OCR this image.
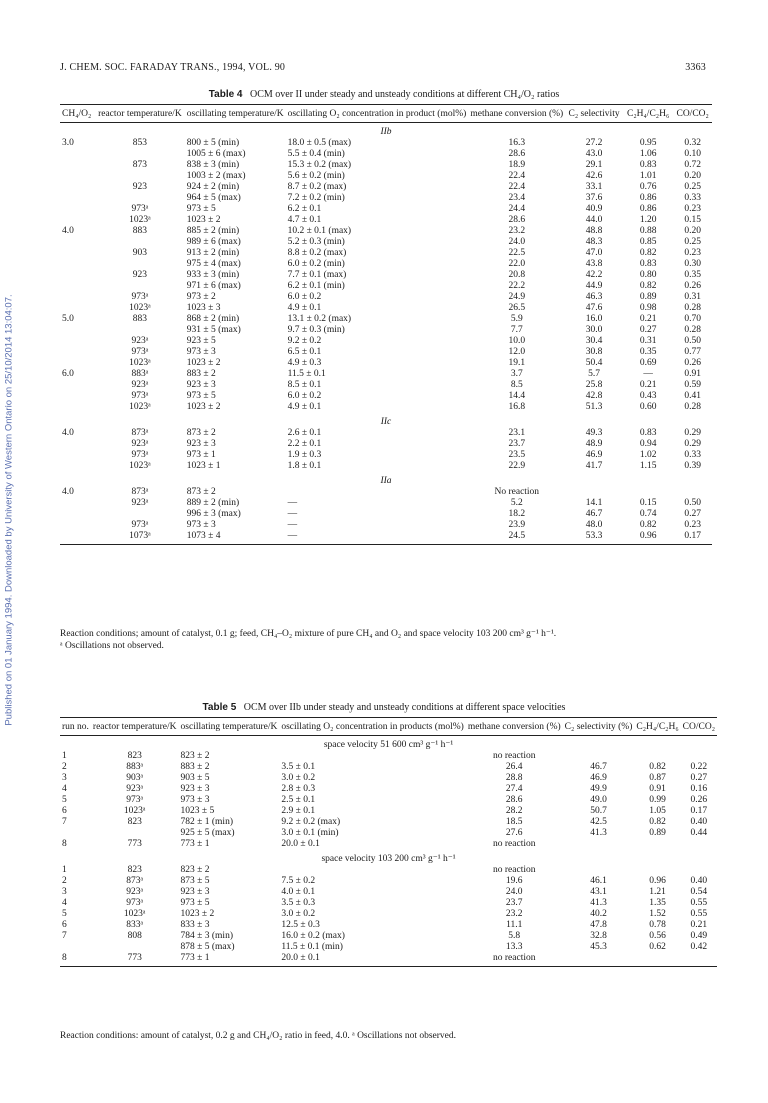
J. CHEM. SOC. FARADAY TRANS., 1994, VOL. 90	3363
Published on 01 January 1994. Downloaded by University of Western Ontario on 25/10/2014 13:04:07.
Table 4 OCM over II under steady and unsteady conditions at different CH₄/O₂ ratios
CH₄/O₂	reactor temperature/K	oscillating temperature/K	oscillating O₂ concentration in product (mol%)	methane conversion (%)	C₂ selectivity	C₂H₄/C₂H₆	CO/CO₂
IIb							
3.0	853	800 ± 5 (min)	18.0 ± 0.5 (max)	16.3	27.2	0.95	0.32
		1005 ± 6 (max)	5.5 ± 0.4 (min)	28.6	43.0	1.06	0.10
	873	838 ± 3 (min)	15.3 ± 0.2 (max)	18.9	29.1	0.83	0.72
		1003 ± 2 (max)	5.6 ± 0.2 (min)	22.4	42.6	1.01	0.20
	923	924 ± 2 (min)	8.7 ± 0.2 (max)	22.4	33.1	0.76	0.25
		964 ± 5 (max)	7.2 ± 0.2 (min)	23.4	37.6	0.86	0.33
	973ᵃ	973 ± 5	6.2 ± 0.1	24.4	40.9	0.86	0.23
	1023ᵃ	1023 ± 2	4.7 ± 0.1	28.6	44.0	1.20	0.15
4.0	883	885 ± 2 (min)	10.2 ± 0.1 (max)	23.2	48.8	0.88	0.20
		989 ± 6 (max)	5.2 ± 0.3 (min)	24.0	48.3	0.85	0.25
	903	913 ± 2 (min)	8.8 ± 0.2 (max)	22.5	47.0	0.82	0.23
		975 ± 4 (max)	6.0 ± 0.2 (min)	22.0	43.8	0.83	0.30
	923	933 ± 3 (min)	7.7 ± 0.1 (max)	20.8	42.2	0.80	0.35
		971 ± 6 (max)	6.2 ± 0.1 (min)	22.2	44.9	0.82	0.26
	973ᵃ	973 ± 2	6.0 ± 0.2	24.9	46.3	0.89	0.31
	1023ᵃ	1023 ± 3	4.9 ± 0.1	26.5	47.6	0.98	0.28
5.0	883	868 ± 2 (min)	13.1 ± 0.2 (max)	5.9	16.0	0.21	0.70
		931 ± 5 (max)	9.7 ± 0.3 (min)	7.7	30.0	0.27	0.28
	923ᵃ	923 ± 5	9.2 ± 0.2	10.0	30.4	0.31	0.50
	973ᵃ	973 ± 3	6.5 ± 0.1	12.0	30.8	0.35	0.77
	1023ᵃ	1023 ± 2	4.9 ± 0.3	19.1	50.4	0.69	0.26
6.0	883ᵃ	883 ± 2	11.5 ± 0.1	3.7	5.7	—	0.91
	923ᵃ	923 ± 3	8.5 ± 0.1	8.5	25.8	0.21	0.59
	973ᵃ	973 ± 5	6.0 ± 0.2	14.4	42.8	0.43	0.41
	1023ᵃ	1023 ± 2	4.9 ± 0.1	16.8	51.3	0.60	0.28
IIc							
4.0	873ᵃ	873 ± 2	2.6 ± 0.1	23.1	49.3	0.83	0.29
	923ᵃ	923 ± 3	2.2 ± 0.1	23.7	48.9	0.94	0.29
	973ᵃ	973 ± 1	1.9 ± 0.3	23.5	46.9	1.02	0.33
	1023ᵃ	1023 ± 1	1.8 ± 0.1	22.9	41.7	1.15	0.39
IIa							
4.0	873ᵃ	873 ± 2		No reaction			
	923ᵃ	889 ± 2 (min)	—	5.2	14.1	0.15	0.50
		996 ± 3 (max)	—	18.2	46.7	0.74	0.27
	973ᵃ	973 ± 3	—	23.9	48.0	0.82	0.23
	1073ᵃ	1073 ± 4	—	24.5	53.3	0.96	0.17
Reaction conditions; amount of catalyst, 0.1 g; feed, CH₄–O₂ mixture of pure CH₄ and O₂ and space velocity 103 200 cm³ g⁻¹ h⁻¹.
ᵃ Oscillations not observed.
Table 5 OCM over IIb under steady and unsteady conditions at different space velocities
run no.	reactor temperature/K	oscillating temperature/K	oscillating O₂ concentration in products (mol%)	methane conversion (%)	C₂ selectivity (%)	C₂H₄/C₂H₆	CO/CO₂
space velocity 51 600 cm³ g⁻¹ h⁻¹							
1	823	823 ± 2		no reaction			
2	883ᵃ	883 ± 2	3.5 ± 0.1	26.4	46.7	0.82	0.22
3	903ᵃ	903 ± 5	3.0 ± 0.2	28.8	46.9	0.87	0.27
4	923ᵃ	923 ± 3	2.8 ± 0.3	27.4	49.9	0.91	0.16
5	973ᵃ	973 ± 3	2.5 ± 0.1	28.6	49.0	0.99	0.26
6	1023ᵃ	1023 ± 5	2.9 ± 0.1	28.2	50.7	1.05	0.17
7	823	782 ± 1 (min)	9.2 ± 0.2 (max)	18.5	42.5	0.82	0.40
		925 ± 5 (max)	3.0 ± 0.1 (min)	27.6	41.3	0.89	0.44
8	773	773 ± 1	20.0 ± 0.1	no reaction			
space velocity 103 200 cm³ g⁻¹ h⁻¹							
1	823	823 ± 2		no reaction			
2	873ᵃ	873 ± 5	7.5 ± 0.2	19.6	46.1	0.96	0.40
3	923ᵃ	923 ± 3	4.0 ± 0.1	24.0	43.1	1.21	0.54
4	973ᵃ	973 ± 5	3.5 ± 0.3	23.7	41.3	1.35	0.55
5	1023ᵃ	1023 ± 2	3.0 ± 0.2	23.2	40.2	1.52	0.55
6	833ᵃ	833 ± 3	12.5 ± 0.3	11.1	47.8	0.78	0.21
7	808	784 ± 3 (min)	16.0 ± 0.2 (max)	5.8	32.8	0.56	0.49
		878 ± 5 (max)	11.5 ± 0.1 (min)	13.3	45.3	0.62	0.42
8	773	773 ± 1	20.0 ± 0.1	no reaction			
Reaction conditions: amount of catalyst, 0.2 g and CH₄/O₂ ratio in feed, 4.0. ᵃ Oscillations not observed.
